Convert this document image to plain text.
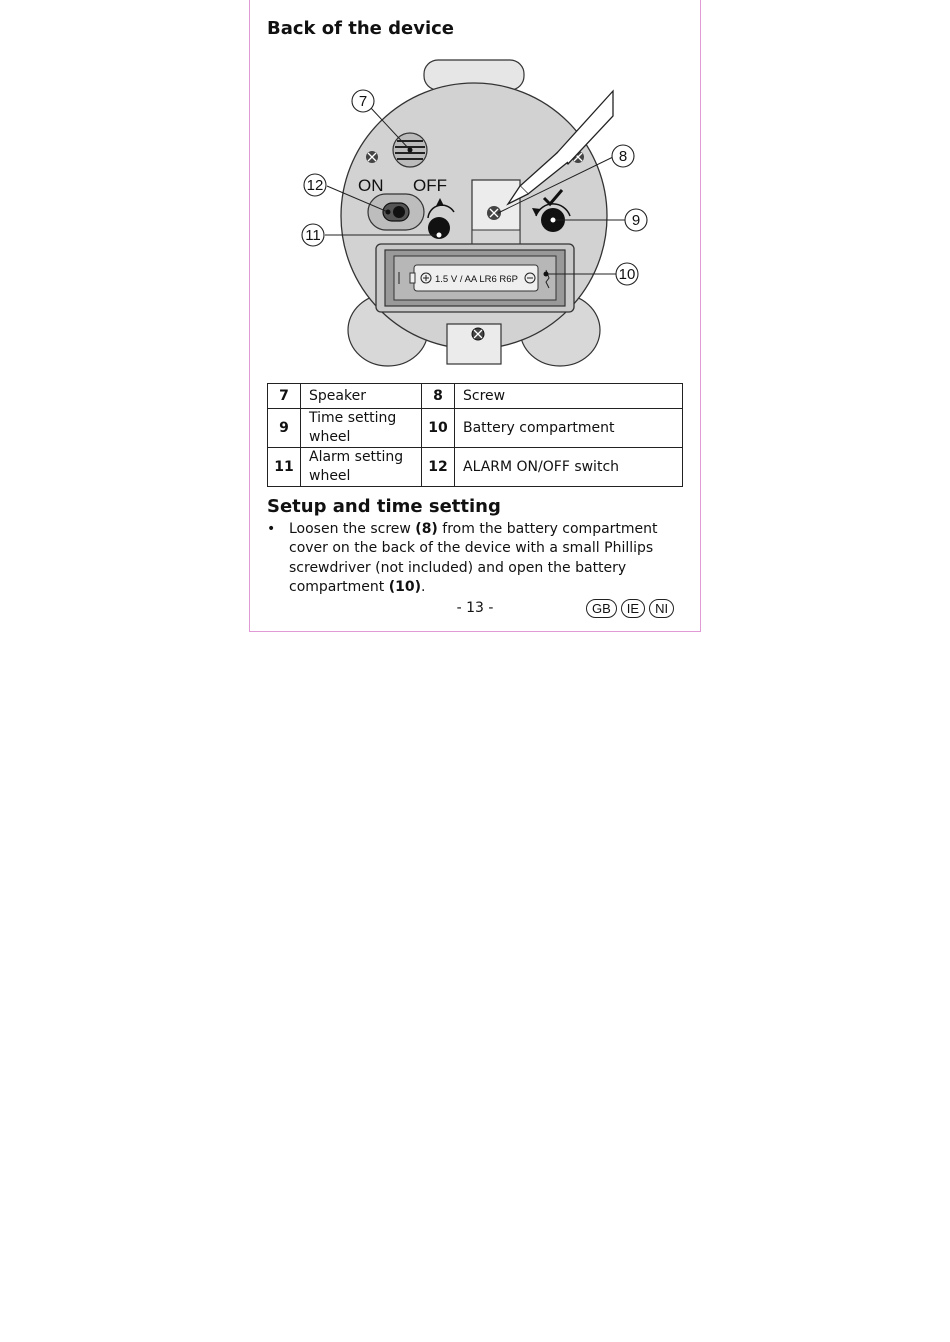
Back of the device
ON OFF
1.5 V / AA LR6 R6P
7
8
9
10
11
12
7	Speaker	8	Screw
9	Time setting wheel	10	Battery compartment
11	Alarm setting wheel	12	ALARM ON/OFF switch
Setup and time setting
• Loosen the screw (8) from the battery compartment cover on the back of the device with a small Phillips screwdriver (not included) and open the battery compartment (10).
- 13 -	GB	IE	NI
